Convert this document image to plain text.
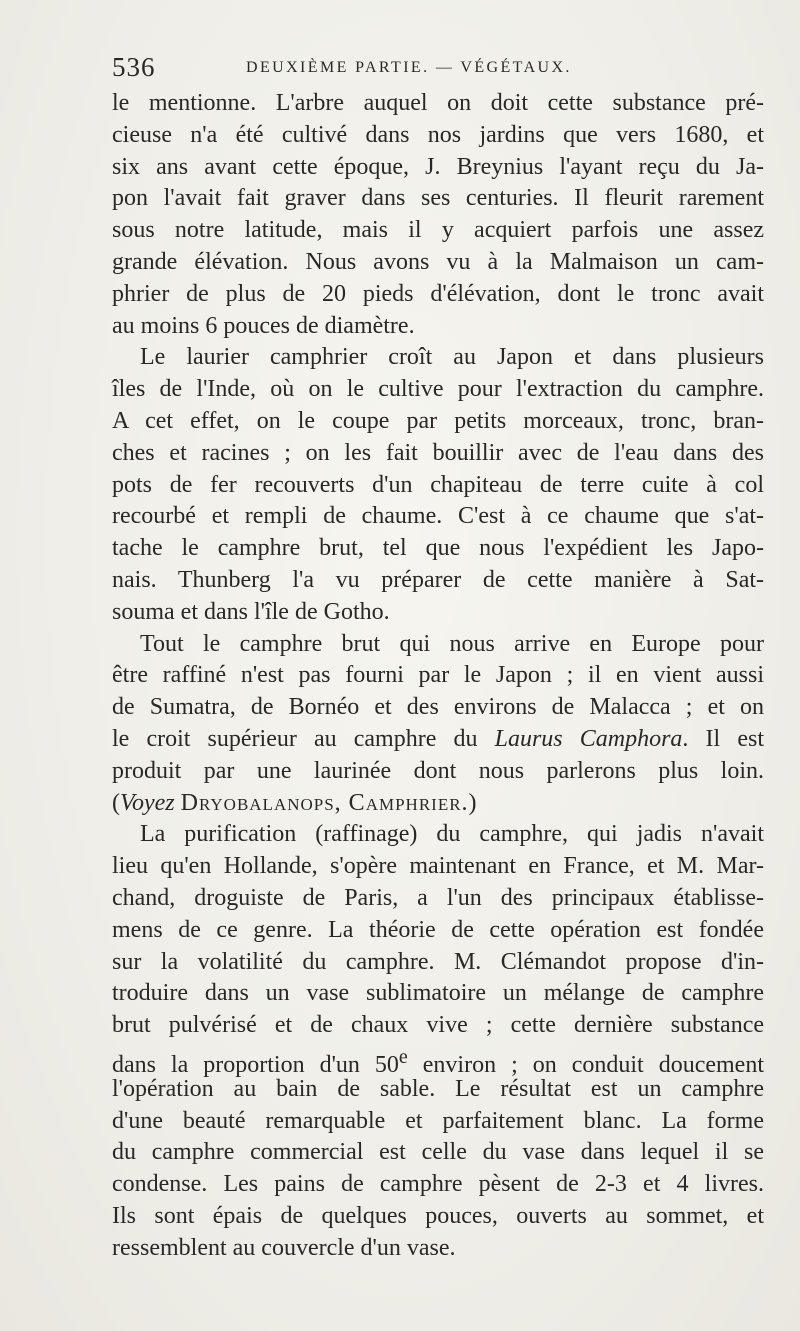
536	DEUXIÈME PARTIE. — VÉGÉTAUX.
le mentionne. L'arbre auquel on doit cette substance pré-
cieuse n'a été cultivé dans nos jardins que vers 1680, et
six ans avant cette époque, J. Breynius l'ayant reçu du Ja-
pon l'avait fait graver dans ses centuries. Il fleurit rarement
sous notre latitude, mais il y acquiert parfois une assez
grande élévation. Nous avons vu à la Malmaison un cam-
phrier de plus de 20 pieds d'élévation, dont le tronc avait
au moins 6 pouces de diamètre.
Le laurier camphrier croît au Japon et dans plusieurs
îles de l'Inde, où on le cultive pour l'extraction du camphre.
A cet effet, on le coupe par petits morceaux, tronc, bran-
ches et racines ; on les fait bouillir avec de l'eau dans des
pots de fer recouverts d'un chapiteau de terre cuite à col
recourbé et rempli de chaume. C'est à ce chaume que s'at-
tache le camphre brut, tel que nous l'expédient les Japo-
nais. Thunberg l'a vu préparer de cette manière à Sat-
souma et dans l'île de Gotho.
Tout le camphre brut qui nous arrive en Europe pour
être raffiné n'est pas fourni par le Japon ; il en vient aussi
de Sumatra, de Bornéo et des environs de Malacca ; et on
le croit supérieur au camphre du Laurus Camphora. Il est
produit par une laurinée dont nous parlerons plus loin.
(Voyez Dryobalanops, Camphrier.)
La purification (raffinage) du camphre, qui jadis n'avait
lieu qu'en Hollande, s'opère maintenant en France, et M. Mar-
chand, droguiste de Paris, a l'un des principaux établisse-
mens de ce genre. La théorie de cette opération est fondée
sur la volatilité du camphre. M. Clémandot propose d'in-
troduire dans un vase sublimatoire un mélange de camphre
brut pulvérisé et de chaux vive ; cette dernière substance
dans la proportion d'un 50e environ ; on conduit doucement
l'opération au bain de sable. Le résultat est un camphre
d'une beauté remarquable et parfaitement blanc. La forme
du camphre commercial est celle du vase dans lequel il se
condense. Les pains de camphre pèsent de 2-3 et 4 livres.
Ils sont épais de quelques pouces, ouverts au sommet, et
ressemblent au couvercle d'un vase.
